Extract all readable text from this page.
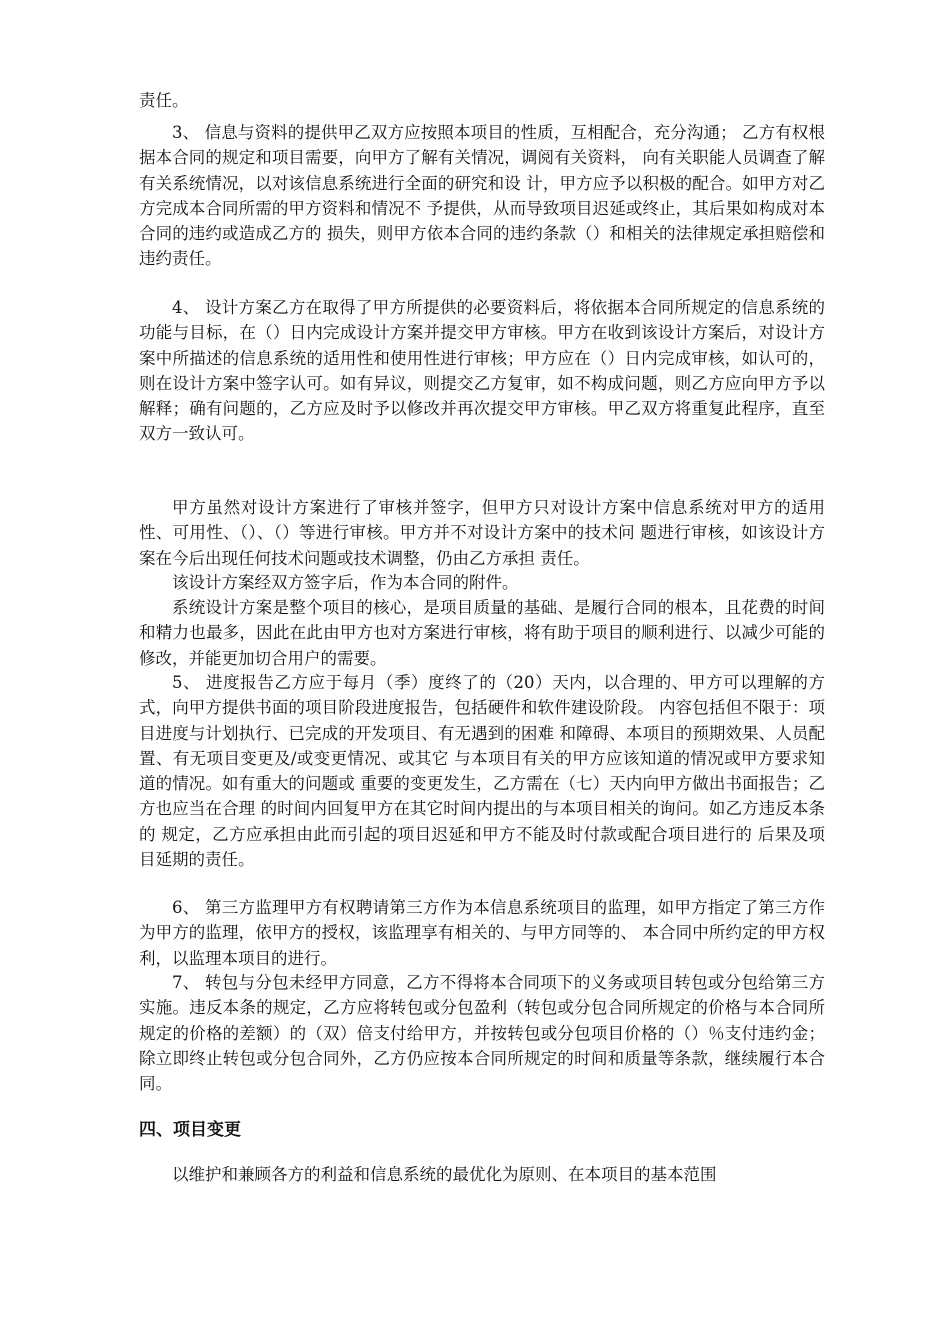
责任。

3、 信息与资料的提供甲乙双方应按照本项目的性质，互相配合，充分沟通； 乙方有权根据本合同的规定和项目需要，向甲方了解有关情况，调阅有关资料， 向有关职能人员调查了解有关系统情况，以对该信息系统进行全面的研究和设 计，甲方应予以积极的配合。如甲方对乙方完成本合同所需的甲方资料和情况不 予提供，从而导致项目迟延或终止，其后果如构成对本合同的违约或造成乙方的 损失，则甲方依本合同的违约条款（）和相关的法律规定承担赔偿和违约责任。

4、 设计方案乙方在取得了甲方所提供的必要资料后，将依据本合同所规定的信息系统的功能与目标，在（）日内完成设计方案并提交甲方审核。甲方在收到该设计方案后，对设计方案中所描述的信息系统的适用性和使用性进行审核；甲方应在（）日内完成审核，如认可的，则在设计方案中签字认可。如有异议，则提交乙方复审，如不构成问题，则乙方应向甲方予以解释；确有问题的，乙方应及时予以修改并再次提交甲方审核。甲乙双方将重复此程序，直至双方一致认可。

甲方虽然对设计方案进行了审核并签字，但甲方只对设计方案中信息系统对甲方的适用性、可用性、（）、（）等进行审核。甲方并不对设计方案中的技术问 题进行审核，如该设计方案在今后出现任何技术问题或技术调整，仍由乙方承担 责任。

该设计方案经双方签字后，作为本合同的附件。

系统设计方案是整个项目的核心，是项目质量的基础、是履行合同的根本，且花费的时间和精力也最多，因此在此由甲方也对方案进行审核，将有助于项目的顺利进行、以减少可能的修改，并能更加切合用户的需要。

5、 进度报告乙方应于每月（季）度终了的（20）天内，以合理的、甲方可以理解的方式，向甲方提供书面的项目阶段进度报告，包括硬件和软件建设阶段。 内容包括但不限于：项目进度与计划执行、已完成的开发项目、有无遇到的困难 和障碍、本项目的预期效果、人员配置、有无项目变更及/或变更情况、或其它 与本项目有关的甲方应该知道的情况或甲方要求知道的情况。如有重大的问题或 重要的变更发生，乙方需在（七）天内向甲方做出书面报告；乙方也应当在合理 的时间内回复甲方在其它时间内提出的与本项目相关的询问。如乙方违反本条的 规定，乙方应承担由此而引起的项目迟延和甲方不能及时付款或配合项目进行的 后果及项目延期的责任。

6、 第三方监理甲方有权聘请第三方作为本信息系统项目的监理，如甲方指定了第三方作为甲方的监理，依甲方的授权，该监理享有相关的、与甲方同等的、 本合同中所约定的甲方权利，以监理本项目的进行。

7、 转包与分包未经甲方同意，乙方不得将本合同项下的义务或项目转包或分包给第三方实施。违反本条的规定，乙方应将转包或分包盈利（转包或分包合同所规定的价格与本合同所规定的价格的差额）的（双）倍支付给甲方，并按转包或分包项目价格的（）％支付违约金；除立即终止转包或分包合同外，乙方仍应按本合同所规定的时间和质量等条款，继续履行本合同。

四、项目变更

以维护和兼顾各方的利益和信息系统的最优化为原则、在本项目的基本范围
